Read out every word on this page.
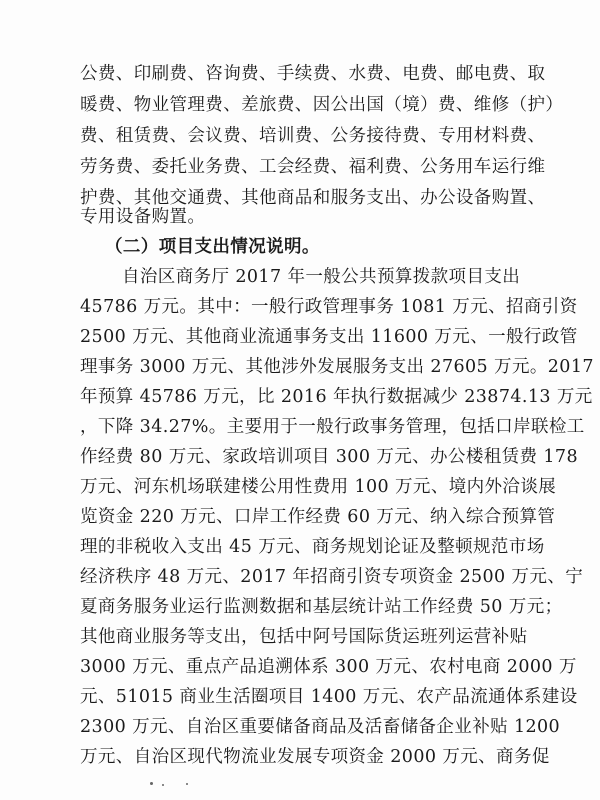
公费、印刷费、咨询费、手续费、水费、电费、邮电费、取
暖费、物业管理费、差旅费、因公出国（境）费、维修（护）
费、租赁费、会议费、培训费、公务接待费、专用材料费、
劳务费、委托业务费、工会经费、福利费、公务用车运行维
护费、其他交通费、其他商品和服务支出、办公设备购置、
专用设备购置。
（二）项目支出情况说明。
自治区商务厅 2017 年一般公共预算拨款项目支出
45786 万元。其中：一般行政管理事务 1081 万元、招商引资
2500 万元、其他商业流通事务支出 11600 万元、一般行政管
理事务 3000 万元、其他涉外发展服务支出 27605 万元。2017
年预算 45786 万元，比 2016 年执行数据减少 23874.13 万元
，下降 34.27%。主要用于一般行政事务管理，包括口岸联检工
作经费 80 万元、家政培训项目 300 万元、办公楼租赁费 178
万元、河东机场联建楼公用性费用 100 万元、境内外洽谈展
览资金 220 万元、口岸工作经费 60 万元、纳入综合预算管
理的非税收入支出 45 万元、商务规划论证及整顿规范市场
经济秩序 48 万元、2017 年招商引资专项资金 2500 万元、宁
夏商务服务业运行监测数据和基层统计站工作经费 50 万元；
其他商业服务等支出，包括中阿号国际货运班列运营补贴
3000 万元、重点产品追溯体系 300 万元、农村电商 2000 万
元、51015 商业生活圈项目 1400 万元、农产品流通体系建设
2300 万元、自治区重要储备商品及活畜储备企业补贴 1200
万元、自治区现代物流业发展专项资金 2000 万元、商务促
